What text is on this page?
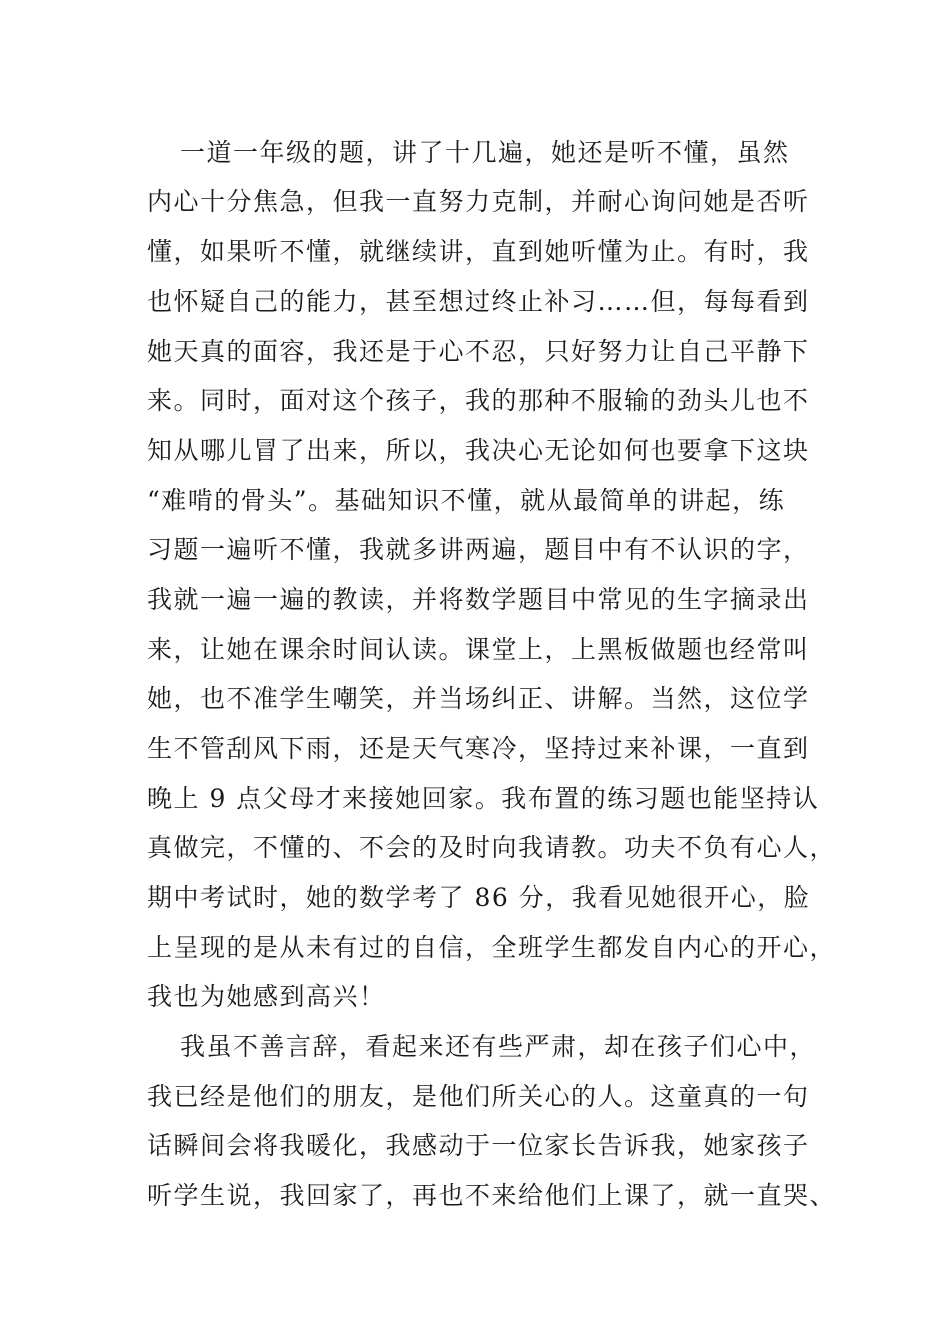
一道一年级的题，讲了十几遍，她还是听不懂，虽然
内心十分焦急，但我一直努力克制，并耐心询问她是否听
懂，如果听不懂，就继续讲，直到她听懂为止。有时，我
也怀疑自己的能力，甚至想过终止补习……但，每每看到
她天真的面容，我还是于心不忍，只好努力让自己平静下
来。同时，面对这个孩子，我的那种不服输的劲头儿也不
知从哪儿冒了出来，所以，我决心无论如何也要拿下这块
“难啃的骨头”。基础知识不懂，就从最简单的讲起，练
习题一遍听不懂，我就多讲两遍，题目中有不认识的字，
我就一遍一遍的教读，并将数学题目中常见的生字摘录出
来，让她在课余时间认读。课堂上，上黑板做题也经常叫
她，也不准学生嘲笑，并当场纠正、讲解。当然，这位学
生不管刮风下雨，还是天气寒冷，坚持过来补课，一直到
晚上 9 点父母才来接她回家。我布置的练习题也能坚持认
真做完，不懂的、不会的及时向我请教。功夫不负有心人，
期中考试时，她的数学考了 86 分，我看见她很开心，脸
上呈现的是从未有过的自信，全班学生都发自内心的开心，
我也为她感到高兴！
我虽不善言辞，看起来还有些严肃，却在孩子们心中，
我已经是他们的朋友，是他们所关心的人。这童真的一句
话瞬间会将我暖化，我感动于一位家长告诉我，她家孩子
听学生说，我回家了，再也不来给他们上课了，就一直哭、
